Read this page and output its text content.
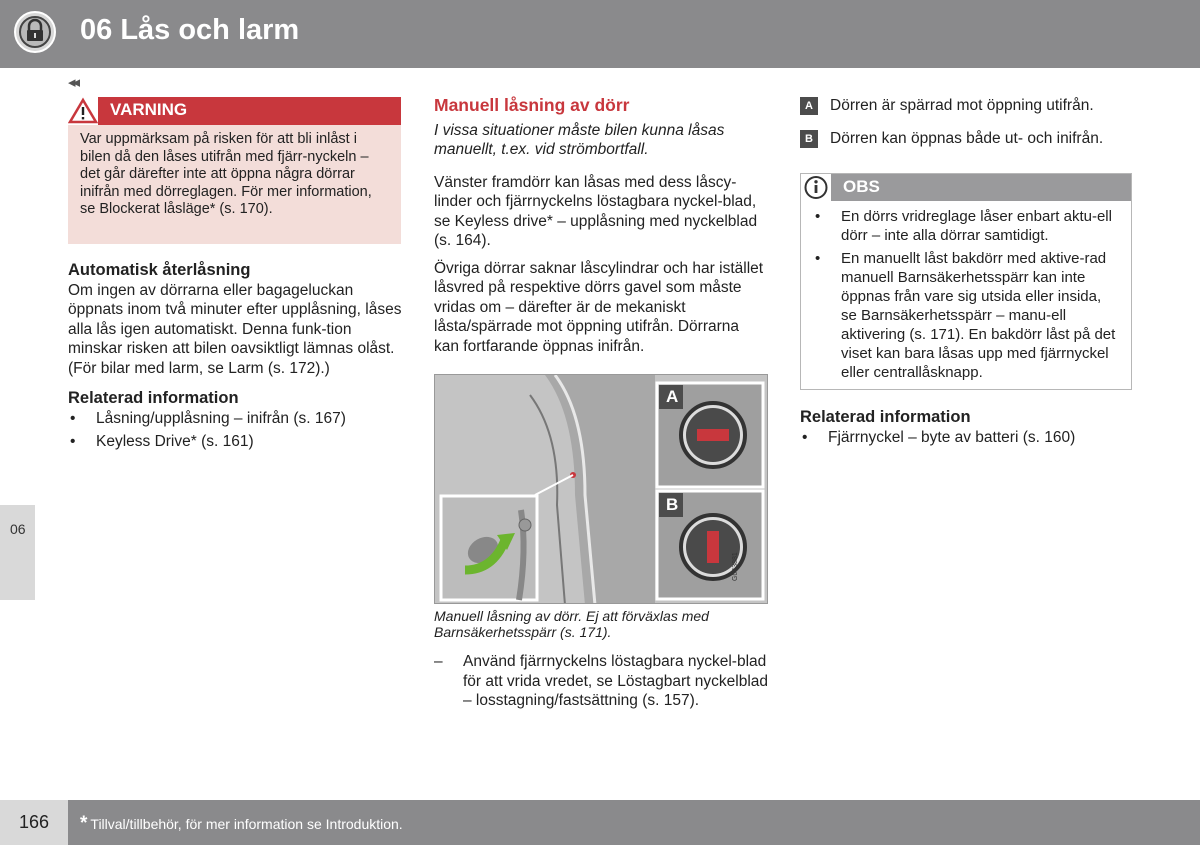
06 Lås och larm
◂◂
06
VARNING
Var uppmärksam på risken för att bli inlåst i bilen då den låses utifrån med fjärr-nyckeln – det går därefter inte att öppna några dörrar inifrån med dörreglagen. För mer information, se Blockerat låsläge* (s. 170).
Automatisk återlåsning

Om ingen av dörrarna eller bagageluckan öppnats inom två minuter efter upplåsning, låses alla lås igen automatiskt. Denna funk-tion minskar risken att bilen oavsiktligt lämnas olåst. (För bilar med larm, se Larm (s. 172).)

Relaterad information
• Låsning/upplåsning – inifrån (s. 167)
• Keyless Drive* (s. 161)
Manuell låsning av dörr

I vissa situationer måste bilen kunna låsas manuellt, t.ex. vid strömbortfall.

Vänster framdörr kan låsas med dess låscy-linder och fjärrnyckelns löstagbara nyckel-blad, se Keyless drive* – upplåsning med nyckelblad (s. 164).

Övriga dörrar saknar låscylindrar och har istället låsvred på respektive dörrs gavel som måste vridas om – därefter är de mekaniskt låsta/spärrade mot öppning utifrån. Dörrarna kan fortfarande öppnas inifrån.

A
B
G043881
Manuell låsning av dörr. Ej att förväxlas med Barnsäkerhetsspärr (s. 171).
– Använd fjärrnyckelns löstagbara nyckel-blad för att vrida vredet, se Löstagbart nyckelblad – losstagning/fastsättning (s. 157).
A Dörren är spärrad mot öppning utifrån.
B Dörren kan öppnas både ut- och inifrån.
OBS
• En dörrs vridreglage låser enbart aktu-ell dörr – inte alla dörrar samtidigt.
• En manuellt låst bakdörr med aktive-rad manuell Barnsäkerhetsspärr kan inte öppnas från vare sig utsida eller insida, se Barnsäkerhetsspärr – manu-ell aktivering (s. 171). En bakdörr låst på det viset kan bara låsas upp med fjärrnyckel eller centrallåsknapp.
Relaterad information
• Fjärrnyckel – byte av batteri (s. 160)
166	* Tillval/tillbehör, för mer information se Introduktion.
